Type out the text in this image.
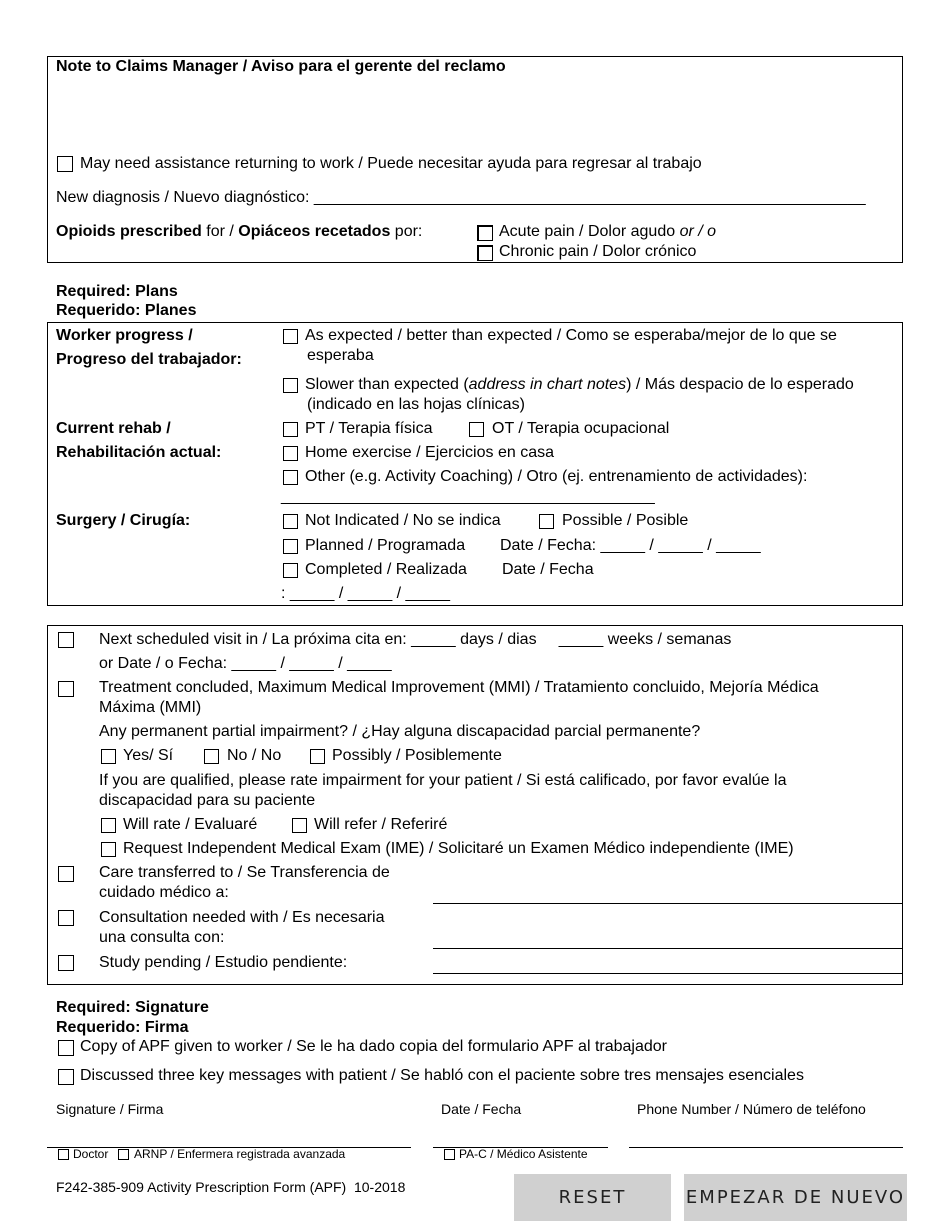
Note to Claims Manager / Aviso para el gerente del reclamo
May need assistance returning to work / Puede necesitar ayuda para regresar al trabajo
New diagnosis / Nuevo diagnóstico: ______________________________________________________________
Opioids prescribed for / Opiáceos recetados por:	Acute pain / Dolor agudo or / o
Chronic pain / Dolor crónico
Required: Plans
Requerido: Planes
Worker progress /
Progreso del trabajador:
As expected / better than expected / Como se esperaba/mejor de lo que se
esperaba
Slower than expected (address in chart notes) / Más despacio de lo esperado
(indicado en las hojas clínicas)
Current rehab /
Rehabilitación actual:
PT / Terapia física	OT / Terapia ocupacional
Home exercise / Ejercicios en casa
Other (e.g. Activity Coaching) / Otro (ej. entrenamiento de actividades):
__________________________________________
Surgery / Cirugía:	Not Indicated / No se indica	Possible / Posible
Planned / Programada Date / Fecha: _____ / _____ / _____
Completed / Realizada Date / Fecha
: _____ / _____ / _____
Next scheduled visit in / La próxima cita en: _____ days / dias     _____ weeks / semanas
or Date / o Fecha: _____ / _____ / _____
Treatment concluded, Maximum Medical Improvement (MMI) / Tratamiento concluido, Mejoría Médica
Máxima (MMI)
Any permanent partial impairment? / ¿Hay alguna discapacidad parcial permanente?
Yes/ Sí	No / No	Possibly / Posiblemente
If you are qualified, please rate impairment for your patient / Si está calificado, por favor evalúe la
discapacidad para su paciente
Will rate / Evaluaré	Will refer / Referiré
Request Independent Medical Exam (IME) / Solicitaré un Examen Médico independiente (IME)
Care transferred to / Se Transferencia de
cuidado médico a:
Consultation needed with / Es necesaria
una consulta con:
Study pending / Estudio pendiente:
Required: Signature
Requerido: Firma
Copy of APF given to worker / Se le ha dado copia del formulario APF al trabajador
Discussed three key messages with patient / Se habló con el paciente sobre tres mensajes esenciales
Signature / Firma	Date / Fecha	Phone Number / Número de teléfono
Doctor ARNP / Enfermera registrada avanzada	PA-C / Médico Asistente
F242-385-909 Activity Prescription Form (APF)  10-2018	RESET	EMPEZAR DE NUEVO
